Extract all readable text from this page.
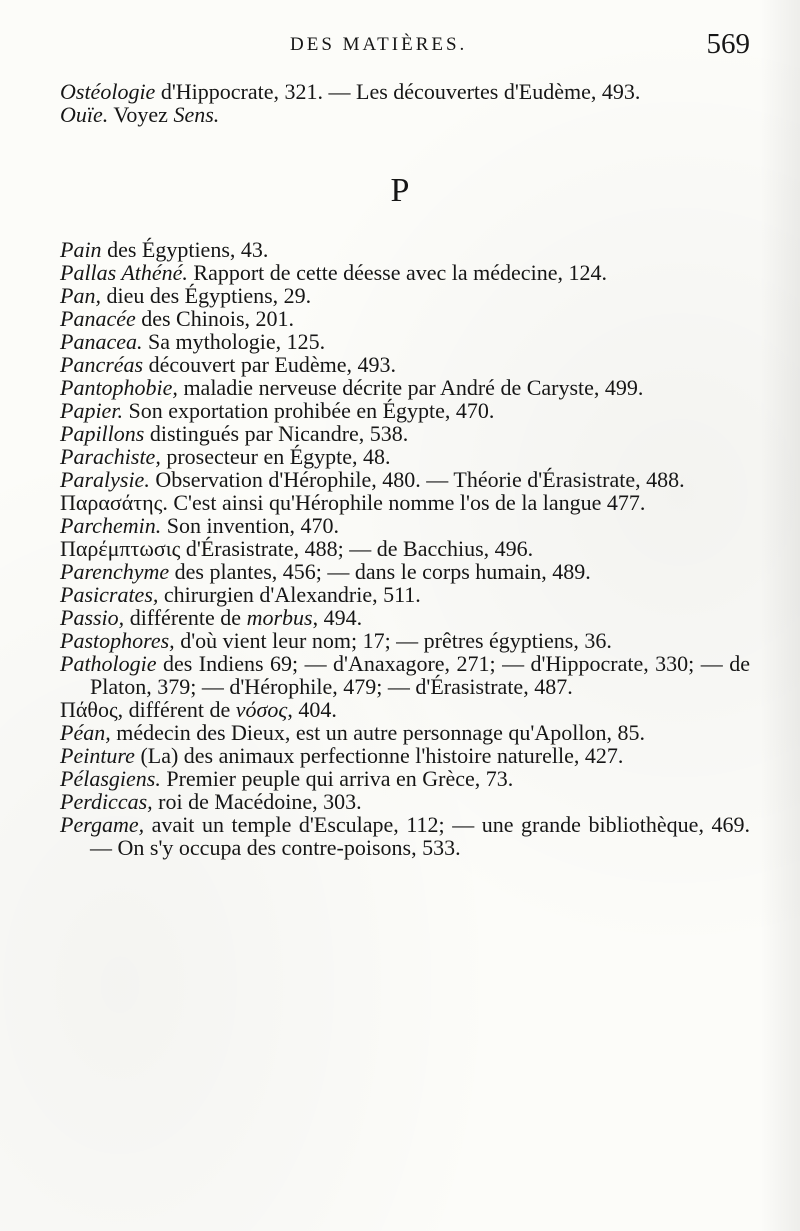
DES MATIÈRES.	569

Ostéologie d'Hippocrate, 321. — Les découvertes d'Eudème, 493.

Ouïe. Voyez Sens.

P

Pain des Égyptiens, 43.

Pallas Athéné. Rapport de cette déesse avec la médecine, 124.

Pan, dieu des Égyptiens, 29.

Panacée des Chinois, 201.

Panacea. Sa mythologie, 125.

Pancréas découvert par Eudème, 493.

Pantophobie, maladie nerveuse décrite par André de Caryste, 499.

Papier. Son exportation prohibée en Égypte, 470.

Papillons distingués par Nicandre, 538.

Parachiste, prosecteur en Égypte, 48.

Paralysie. Observation d'Hérophile, 480. — Théorie d'Érasistrate, 488.

Παρασάτης. C'est ainsi qu'Hérophile nomme l'os de la langue 477.

Parchemin. Son invention, 470.

Παρέμπτωσις d'Érasistrate, 488; — de Bacchius, 496.

Parenchyme des plantes, 456; — dans le corps humain, 489.

Pasicrates, chirurgien d'Alexandrie, 511.

Passio, différente de morbus, 494.

Pastophores, d'où vient leur nom; 17; — prêtres égyptiens, 36.

Pathologie des Indiens 69; — d'Anaxagore, 271; — d'Hippocrate, 330; — de Platon, 379; — d'Hérophile, 479; — d'Érasistrate, 487.

Πάθος, différent de νόσος, 404.

Péan, médecin des Dieux, est un autre personnage qu'Apollon, 85.

Peinture (La) des animaux perfectionne l'histoire naturelle, 427.

Pélasgiens. Premier peuple qui arriva en Grèce, 73.

Perdiccas, roi de Macédoine, 303.

Pergame, avait un temple d'Esculape, 112; — une grande bibliothèque, 469. — On s'y occupa des contre-poisons, 533.
